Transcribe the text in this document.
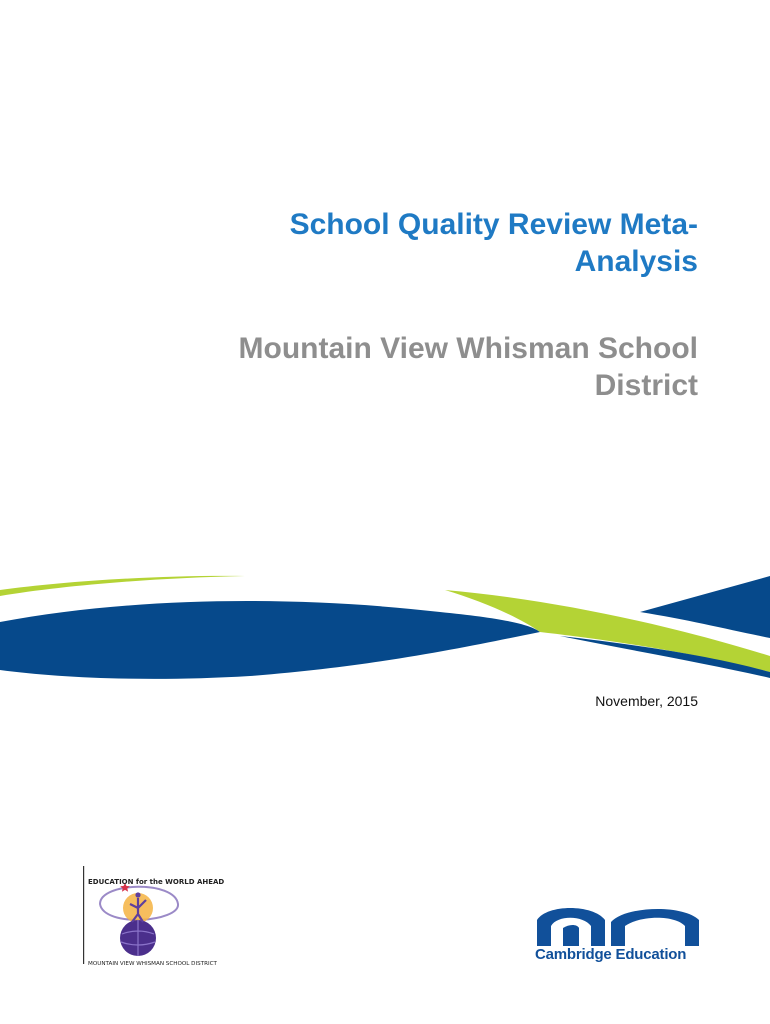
School Quality Review Meta-
Analysis
Mountain View Whisman School
District
November, 2015
EDUCATION for the WORLD AHEAD
MOUNTAIN VIEW WHISMAN SCHOOL DISTRICT
Cambridge Education
